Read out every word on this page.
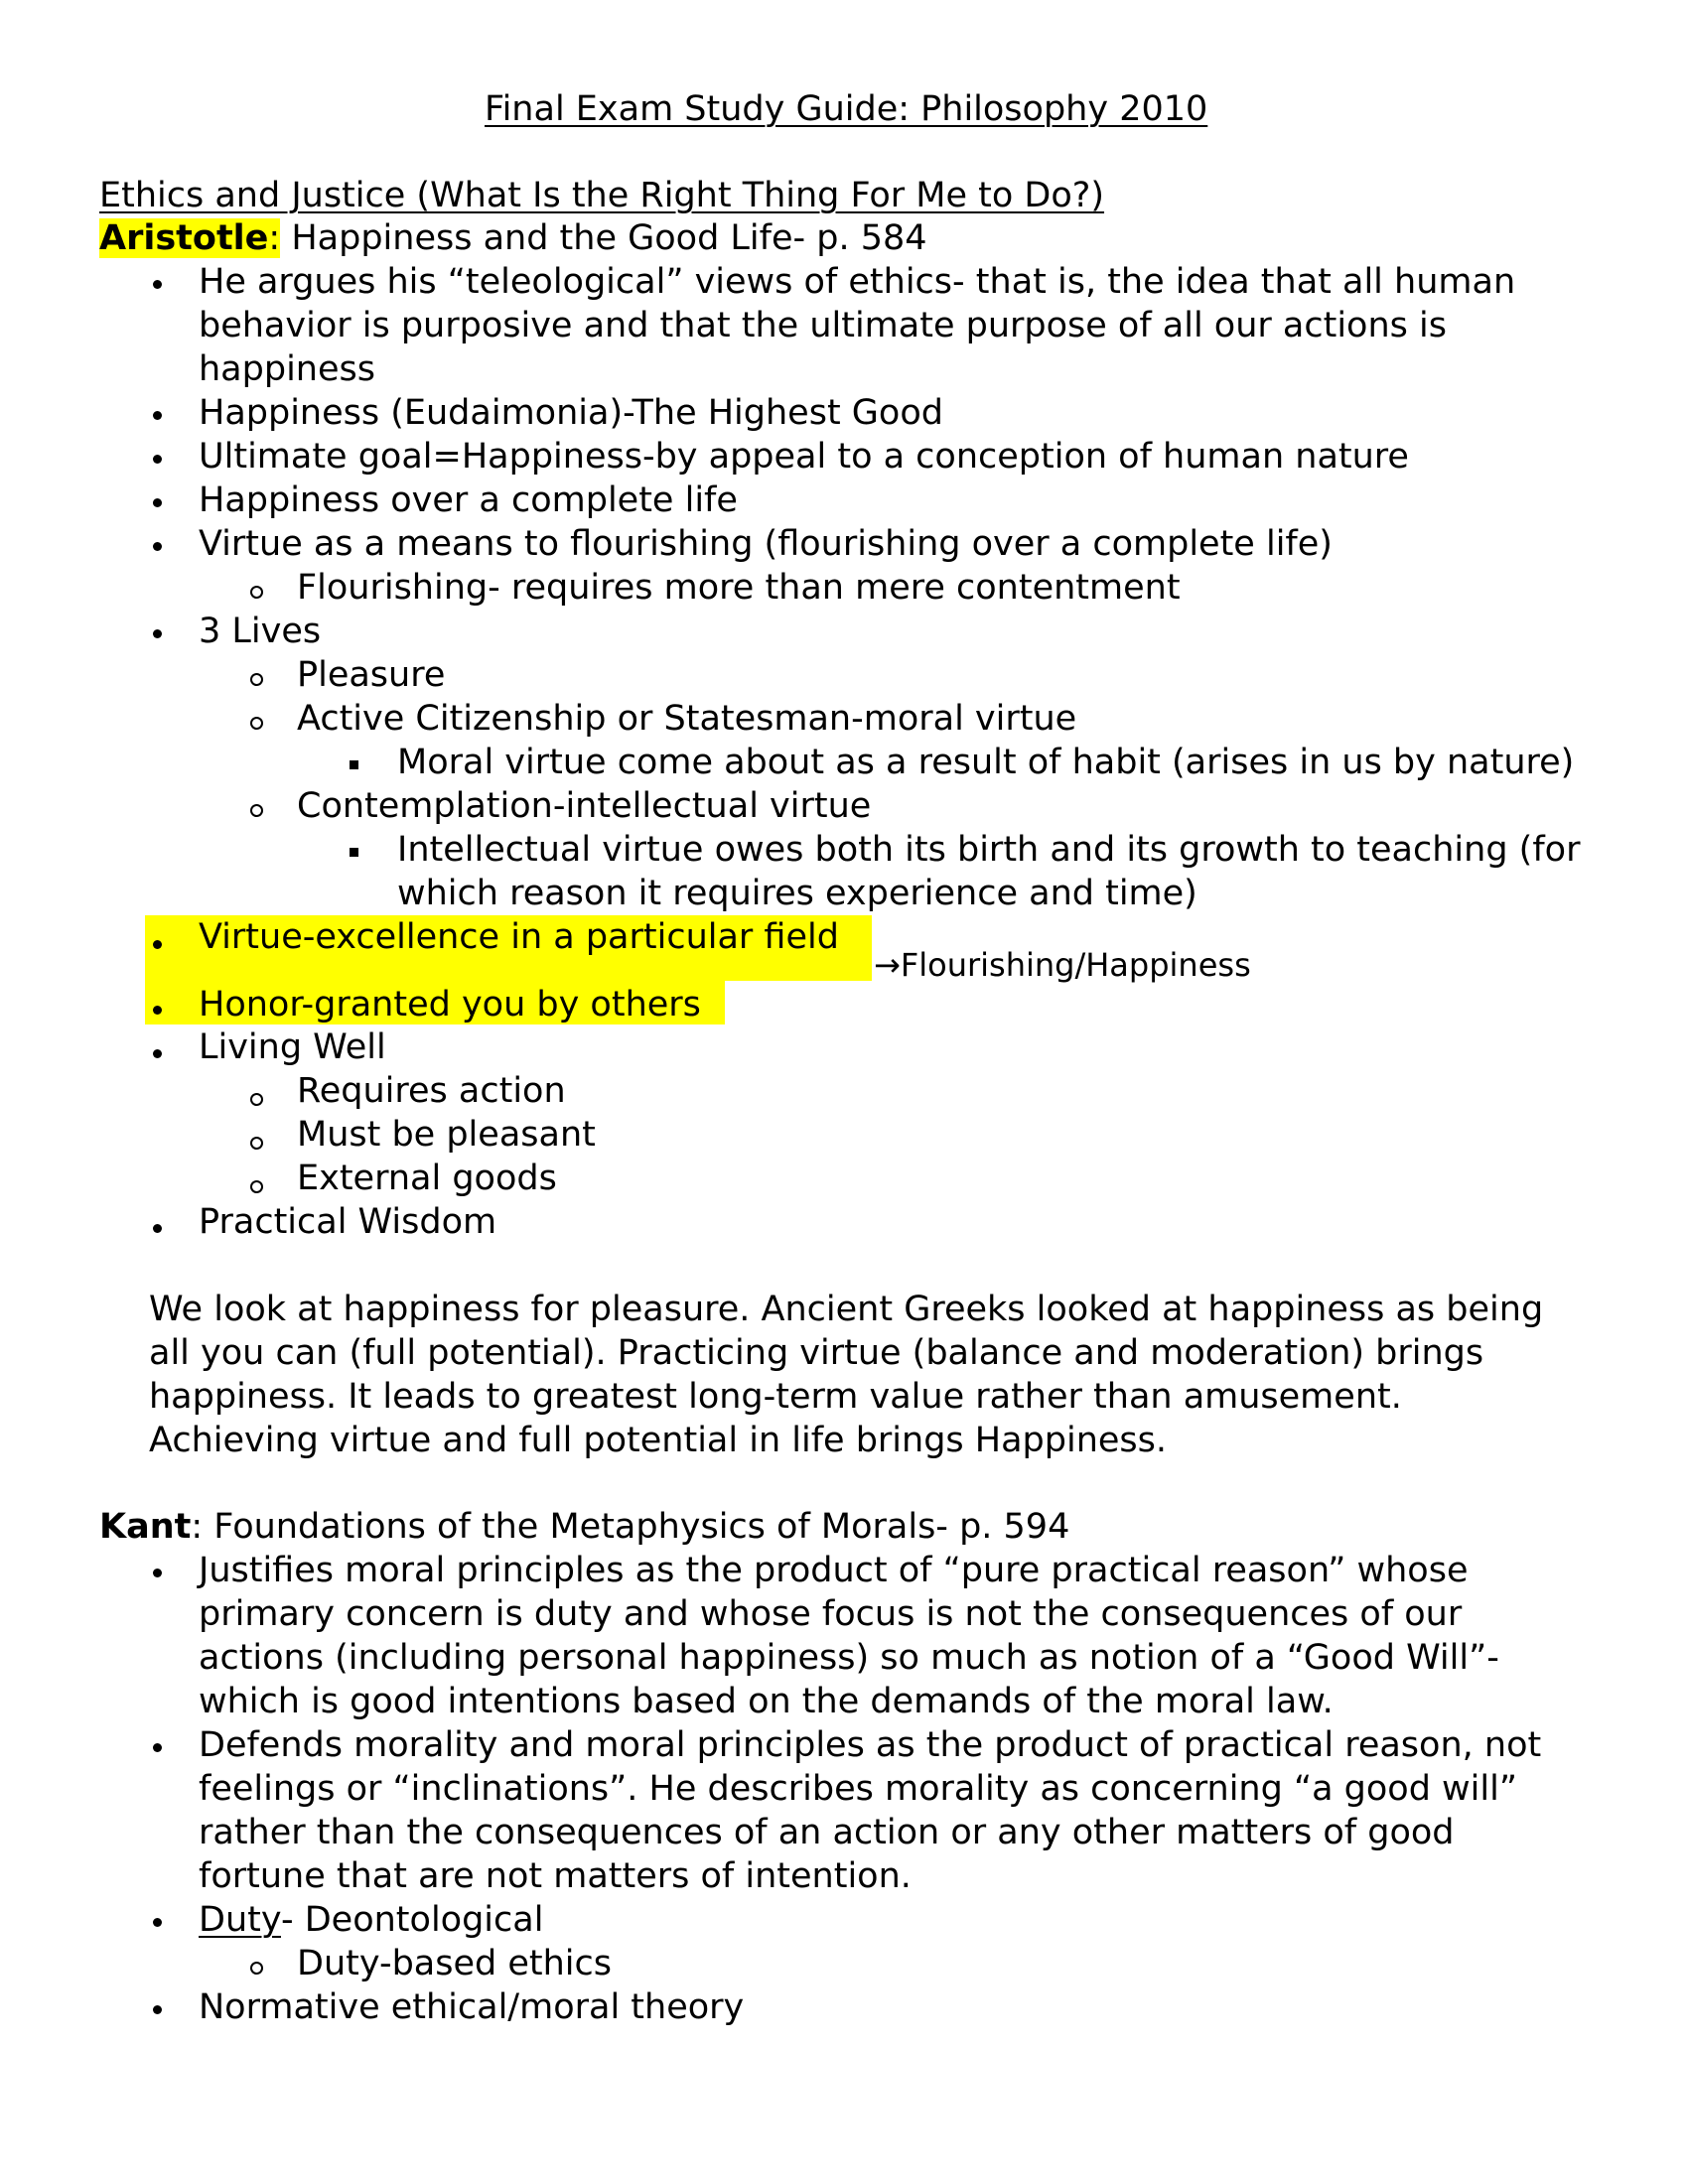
Final Exam Study Guide: Philosophy 2010
Ethics and Justice (What Is the Right Thing For Me to Do?)
Aristotle: Happiness and the Good Life- p. 584
He argues his “teleological” views of ethics- that is, the idea that all human
behavior is purposive and that the ultimate purpose of all our actions is
happiness
Happiness (Eudaimonia)-The Highest Good
Ultimate goal=Happiness-by appeal to a conception of human nature
Happiness over a complete life
Virtue as a means to flourishing (flourishing over a complete life)
Flourishing- requires more than mere contentment
3 Lives
Pleasure
Active Citizenship or Statesman-moral virtue
Moral virtue come about as a result of habit (arises in us by nature)
Contemplation-intellectual virtue
Intellectual virtue owes both its birth and its growth to teaching (for
which reason it requires experience and time)
Virtue-excellence in a particular field
→Flourishing/Happiness
Honor-granted you by others
Living Well
Requires action
Must be pleasant
External goods
Practical Wisdom
We look at happiness for pleasure. Ancient Greeks looked at happiness as being
all you can (full potential). Practicing virtue (balance and moderation) brings
happiness. It leads to greatest long-term value rather than amusement.
Achieving virtue and full potential in life brings Happiness.
Kant: Foundations of the Metaphysics of Morals- p. 594
Justifies moral principles as the product of “pure practical reason” whose
primary concern is duty and whose focus is not the consequences of our
actions (including personal happiness) so much as notion of a “Good Will”-
which is good intentions based on the demands of the moral law.
Defends morality and moral principles as the product of practical reason, not
feelings or “inclinations”. He describes morality as concerning “a good will”
rather than the consequences of an action or any other matters of good
fortune that are not matters of intention.
Duty- Deontological
Duty-based ethics
Normative ethical/moral theory
